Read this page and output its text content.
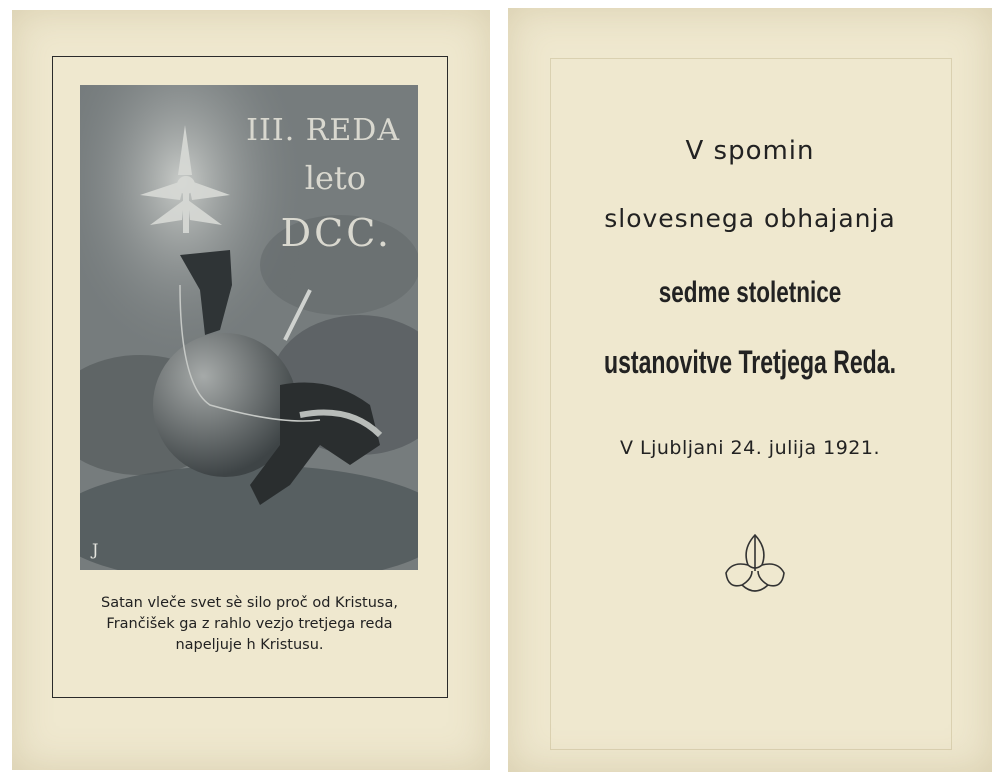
J
III. REDA
leto
DCC.
Satan vleče svet sè silo proč od Kristusa, Frančišek ga z rahlo vezjo tretjega reda napeljuje h Kristusu.
V spomin
slovesnega obhajanja
sedme stoletnice
ustanovitve Tretjega Reda.
V Ljubljani 24. julija 1921.
